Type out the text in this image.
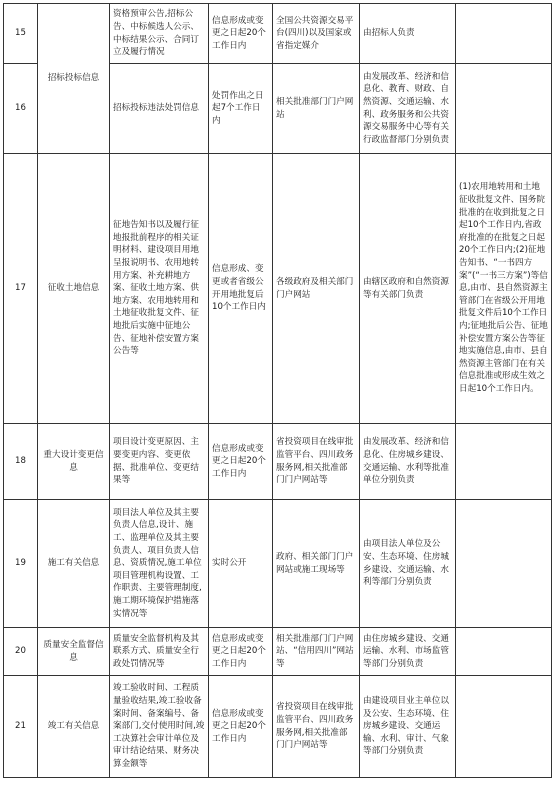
15	招标投标信息	资格预审公告,招标公告、中标候选人公示、中标结果公示、合同订立及履行情况	信息形成或变更之日起20个工作日内	全国公共资源交易平台(四川)以及国家或省指定媒介	由招标人负责	
16		招标投标违法处罚信息	处罚作出之日起7个工作日内	相关批准部门门户网站	由发展改革、经济和信息化、教育、财政、自然资源、交通运输、水利、政务服务和公共资源交易服务中心等有关行政监督部门分别负责	
17	征收土地信息	征地告知书以及履行征地报批前程序的相关证明材料、建设项目用地呈报说明书、农用地转用方案、补充耕地方案、征收土地方案、供地方案、农用地转用和土地征收批复文件、征地批后实施中征地公告、征地补偿安置方案公告等	信息形成、变更或者省级公开用地批复后10个工作日内	各级政府及相关部门门户网站	由辖区政府和自然资源等有关部门负责	(1)农用地转用和土地征收批复文件、国务院批准的在收到批复之日起10个工作日内,省政府批准的在批复之日起20个工作日内;(2)征地告知书、“一书四方案”(“一书三方案”)等信息,由市、县自然资源主管部门在省级公开用地批复文件后10个工作日内;征地批后公告、征地补偿安置方案公告等征地实施信息,由市、县自然资源主管部门在有关信息批准或形成生效之日起10个工作日内。
18	重大设计变更信息	项目设计变更原因、主要变更内容、变更依据、批准单位、变更结果等	信息形成或变更之日起20个工作日内	省投资项目在线审批监管平台、四川政务服务网,相关批准部门门户网站等	由发展改革、经济和信息化、住房城乡建设、交通运输、水利等批准单位分别负责	
19	施工有关信息	项目法人单位及其主要负责人信息,设计、施工、监理单位及其主要负责人、项目负责人信息、资质情况,施工单位项目管理机构设置、工作职责、主要管理制度,施工期环境保护措施落实情况等	实时公开	政府、相关部门门户网站或施工现场等	由项目法人单位及公安、生态环境、住房城乡建设、交通运输、水利等部门分别负责	
20	质量安全监督信息	质量安全监督机构及其联系方式、质量安全行政处罚情况等	信息形成或变更之日起20个工作日内	相关批准部门门户网站、“信用四川”网站等	由住房城乡建设、交通运输、水利、市场监管等部门分别负责	
21	竣工有关信息	竣工验收时间、工程质量验收结果,竣工验收备案时间、备案编号、备案部门,交付使用时间,竣工决算社会审计单位及审计结论结果、财务决算金额等	信息形成或变更之日起20个工作日内	省投资项目在线审批监管平台、四川政务服务网,相关批准部门门户网站等	由建设项目业主单位以及公安、生态环境、住房城乡建设、交通运输、水利、审计、气象等部门分别负责	
